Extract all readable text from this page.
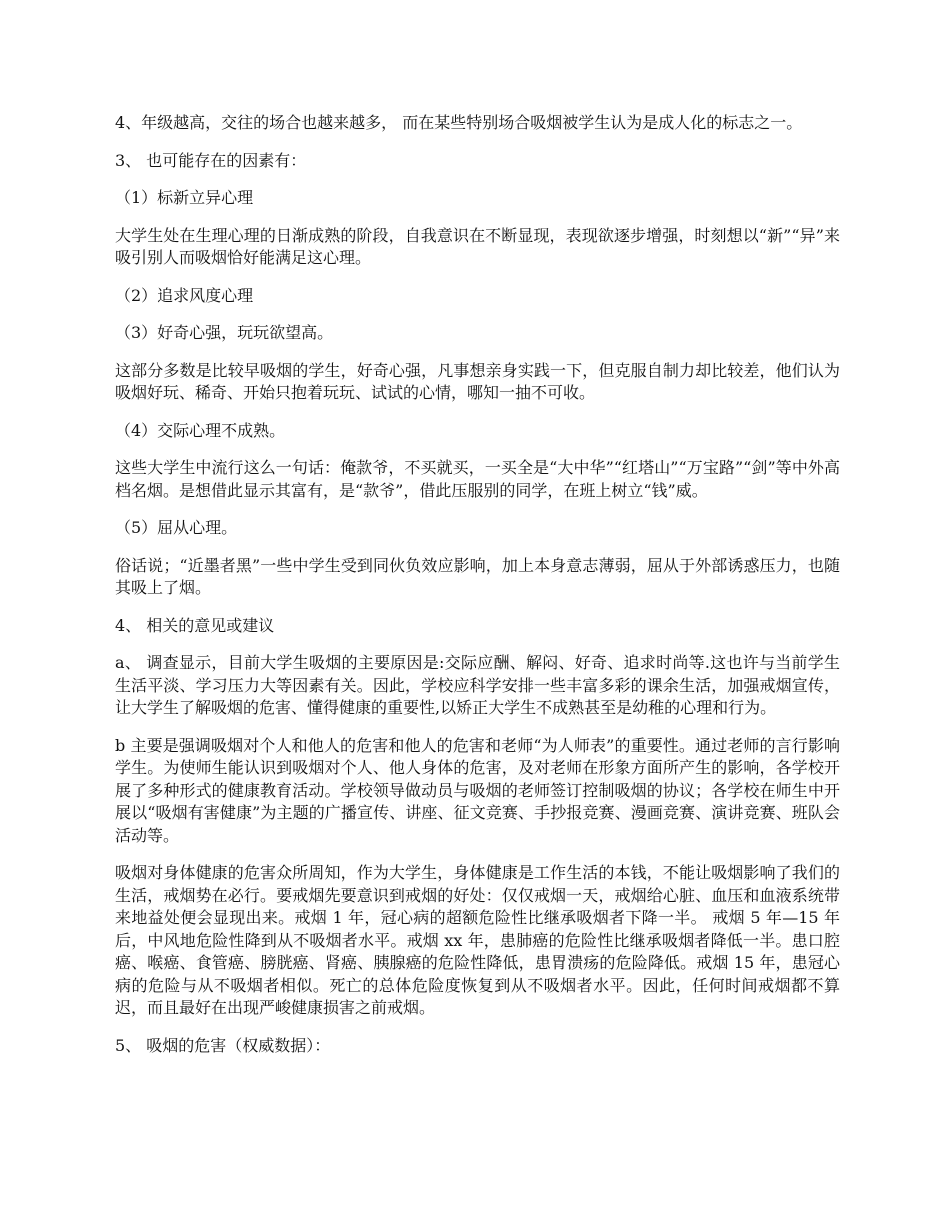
4、年级越高，交往的场合也越来越多， 而在某些特别场合吸烟被学生认为是成人化的标志之一。

3、 也可能存在的因素有：

（1）标新立异心理

大学生处在生理心理的日渐成熟的阶段，自我意识在不断显现，表现欲逐步增强，时刻想以“新”“异”来吸引别人而吸烟恰好能满足这心理。

（2）追求风度心理

（3）好奇心强，玩玩欲望高。

这部分多数是比较早吸烟的学生，好奇心强，凡事想亲身实践一下，但克服自制力却比较差，他们认为吸烟好玩、稀奇、开始只抱着玩玩、试试的心情，哪知一抽不可收。

（4）交际心理不成熟。

这些大学生中流行这么一句话：俺款爷，不买就买，一买全是“大中华”“红塔山”“万宝路”“剑”等中外高档名烟。是想借此显示其富有，是“款爷”，借此压服别的同学，在班上树立“钱”威。

（5）屈从心理。

俗话说；“近墨者黑”一些中学生受到同伙负效应影响，加上本身意志薄弱，屈从于外部诱惑压力，也随其吸上了烟。

4、 相关的意见或建议

a、 调查显示，目前大学生吸烟的主要原因是:交际应酬、解闷、好奇、追求时尚等.这也许与当前学生生活平淡、学习压力大等因素有关。因此，学校应科学安排一些丰富多彩的课余生活，加强戒烟宣传，让大学生了解吸烟的危害、懂得健康的重要性,以矫正大学生不成熟甚至是幼稚的心理和行为。

b 主要是强调吸烟对个人和他人的危害和他人的危害和老师“为人师表”的重要性。通过老师的言行影响学生。为使师生能认识到吸烟对个人、他人身体的危害，及对老师在形象方面所产生的影响，各学校开展了多种形式的健康教育活动。学校领导做动员与吸烟的老师签订控制吸烟的协议；各学校在师生中开展以“吸烟有害健康”为主题的广播宣传、讲座、征文竞赛、手抄报竞赛、漫画竞赛、演讲竞赛、班队会活动等。

吸烟对身体健康的危害众所周知，作为大学生，身体健康是工作生活的本钱，不能让吸烟影响了我们的生活，戒烟势在必行。要戒烟先要意识到戒烟的好处：仅仅戒烟一天，戒烟给心脏、血压和血液系统带来地益处便会显现出来。戒烟 1 年，冠心病的超额危险性比继承吸烟者下降一半。 戒烟 5 年—15 年后，中风地危险性降到从不吸烟者水平。戒烟 xx 年，患肺癌的危险性比继承吸烟者降低一半。患口腔癌、喉癌、食管癌、膀胱癌、肾癌、胰腺癌的危险性降低，患胃溃疡的危险降低。戒烟 15 年，患冠心病的危险与从不吸烟者相似。死亡的总体危险度恢复到从不吸烟者水平。因此，任何时间戒烟都不算迟，而且最好在出现严峻健康损害之前戒烟。

5、 吸烟的危害（权威数据）：
